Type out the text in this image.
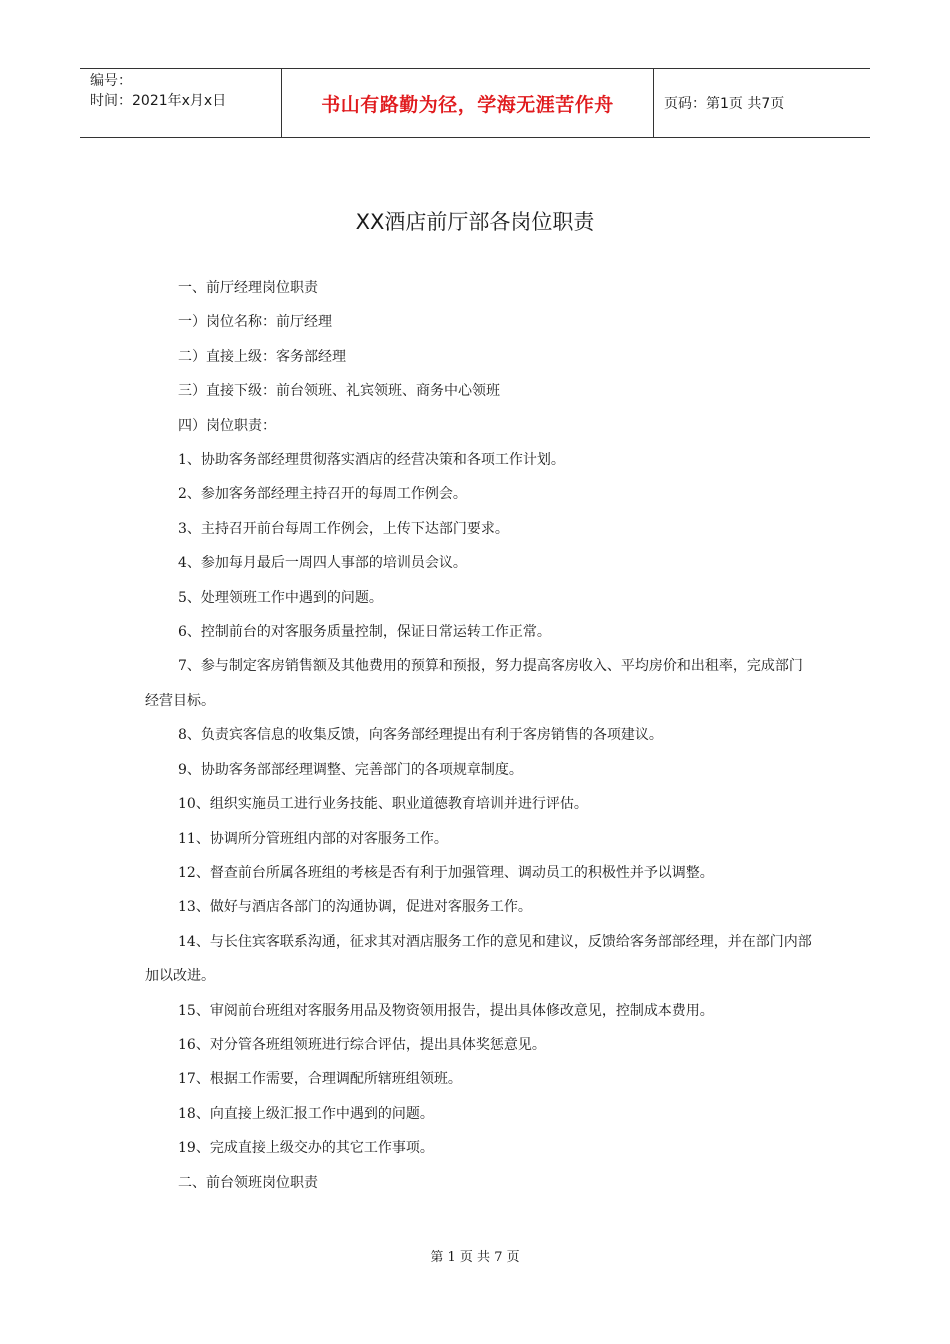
编号：
时间：2021年x月x日	书山有路勤为径，学海无涯苦作舟	页码：第1页 共7页
XX酒店前厅部各岗位职责

一、前厅经理岗位职责

一）岗位名称：前厅经理

二）直接上级：客务部经理

三）直接下级：前台领班、礼宾领班、商务中心领班

四）岗位职责：

1、协助客务部经理贯彻落实酒店的经营决策和各项工作计划。

2、参加客务部经理主持召开的每周工作例会。

3、主持召开前台每周工作例会，上传下达部门要求。

4、参加每月最后一周四人事部的培训员会议。

5、处理领班工作中遇到的问题。

6、控制前台的对客服务质量控制，保证日常运转工作正常。

7、参与制定客房销售额及其他费用的预算和预报，努力提高客房收入、平均房价和出租率，完成部门经营目标。

8、负责宾客信息的收集反馈，向客务部经理提出有利于客房销售的各项建议。

9、协助客务部部经理调整、完善部门的各项规章制度。

10、组织实施员工进行业务技能、职业道德教育培训并进行评估。

11、协调所分管班组内部的对客服务工作。

12、督查前台所属各班组的考核是否有利于加强管理、调动员工的积极性并予以调整。

13、做好与酒店各部门的沟通协调，促进对客服务工作。

14、与长住宾客联系沟通，征求其对酒店服务工作的意见和建议，反馈给客务部部经理，并在部门内部加以改进。

15、审阅前台班组对客服务用品及物资领用报告，提出具体修改意见，控制成本费用。

16、对分管各班组领班进行综合评估，提出具体奖惩意见。

17、根据工作需要，合理调配所辖班组领班。

18、向直接上级汇报工作中遇到的问题。

19、完成直接上级交办的其它工作事项。

二、前台领班岗位职责

第 1 页 共 7 页
